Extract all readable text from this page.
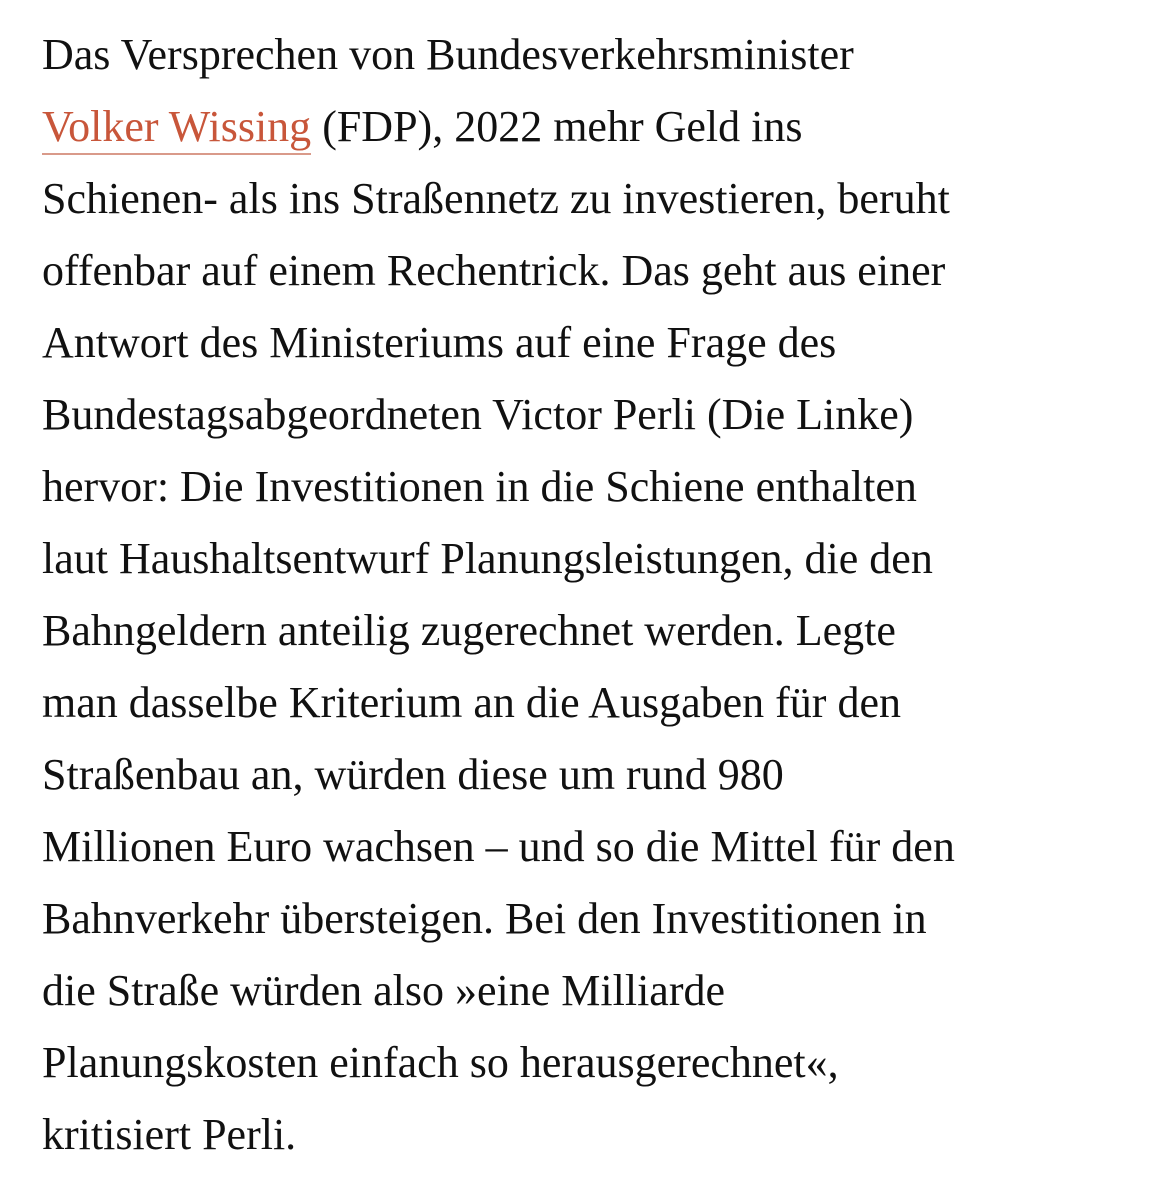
Das Versprechen von Bundesverkehrsminister
Volker Wissing (FDP), 2022 mehr Geld ins
Schienen- als ins Straßennetz zu investieren, beruht
offenbar auf einem Rechentrick. Das geht aus einer
Antwort des Ministeriums auf eine Frage des
Bundestagsabgeordneten Victor Perli (Die Linke)
hervor: Die Investitionen in die Schiene enthalten
laut Haushaltsentwurf Planungsleistungen, die den
Bahngeldern anteilig zugerechnet werden. Legte
man dasselbe Kriterium an die Ausgaben für den
Straßenbau an, würden diese um rund 980
Millionen Euro wachsen – und so die Mittel für den
Bahnverkehr übersteigen. Bei den Investitionen in
die Straße würden also »eine Milliarde
Planungskosten einfach so herausgerechnet«,
kritisiert Perli.
